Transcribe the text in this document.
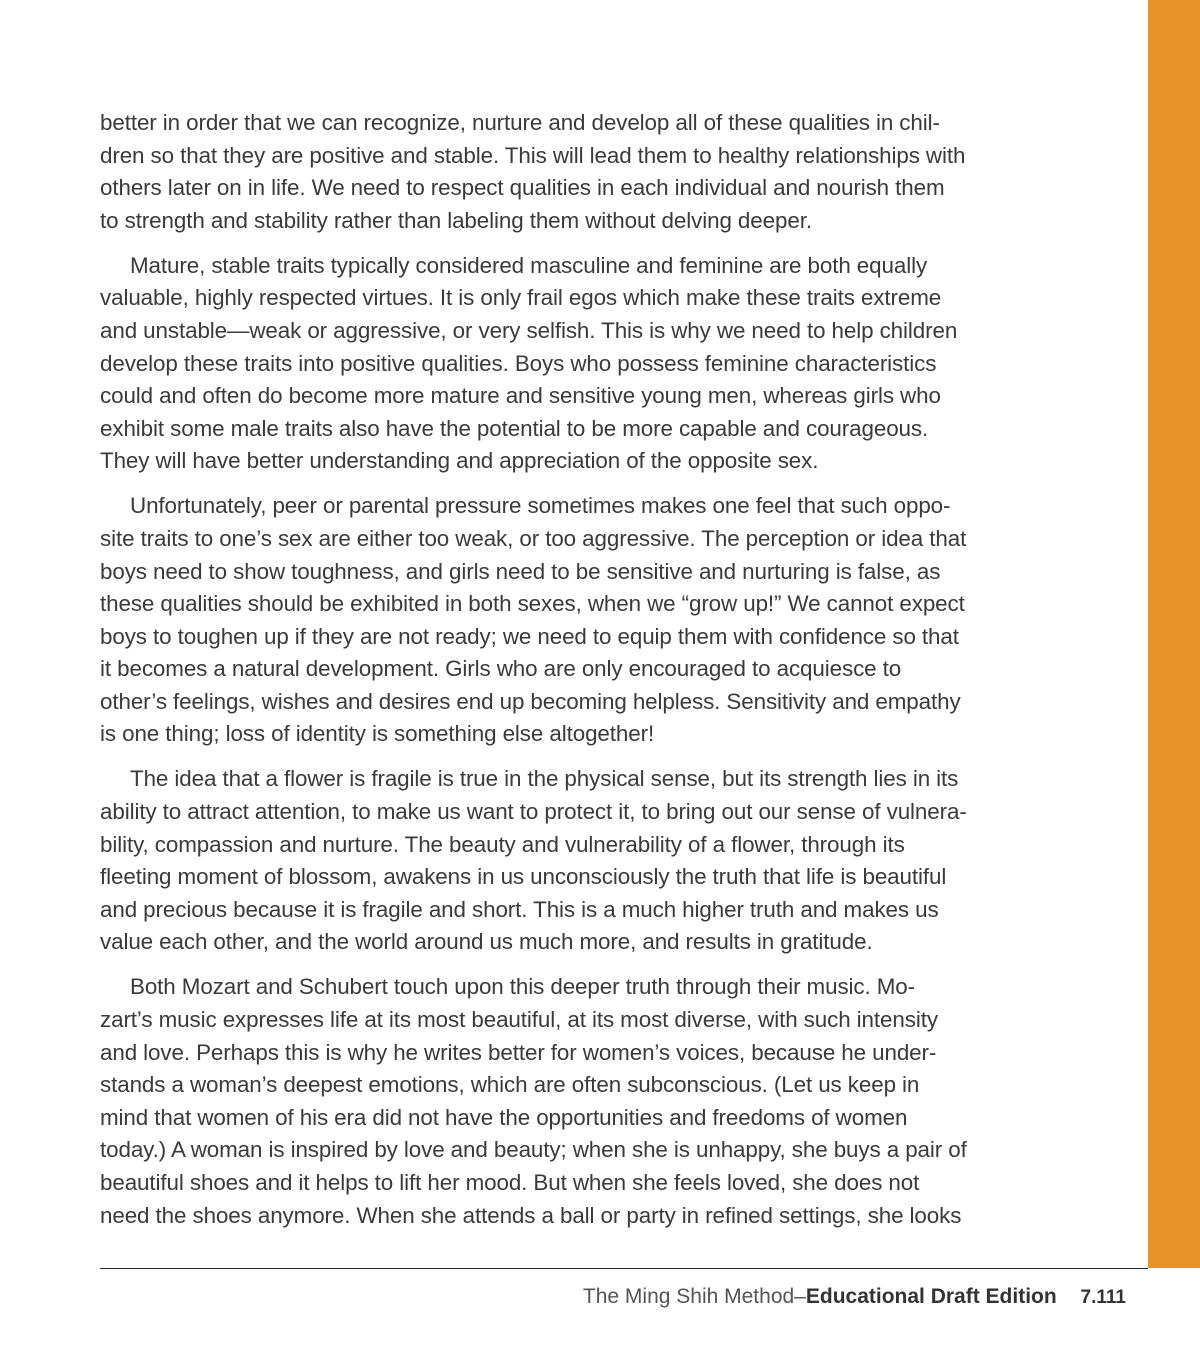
better in order that we can recognize, nurture and develop all of these qualities in chil-
dren so that they are positive and stable. This will lead them to healthy relationships with
others later on in life. We need to respect qualities in each individual and nourish them
to strength and stability rather than labeling them without delving deeper.

Mature, stable traits typically considered masculine and feminine are both equally
valuable, highly respected virtues. It is only frail egos which make these traits extreme
and unstable—weak or aggressive, or very selfish. This is why we need to help children
develop these traits into positive qualities. Boys who possess feminine characteristics
could and often do become more mature and sensitive young men, whereas girls who
exhibit some male traits also have the potential to be more capable and courageous.
They will have better understanding and appreciation of the opposite sex.

Unfortunately, peer or parental pressure sometimes makes one feel that such oppo-
site traits to one’s sex are either too weak, or too aggressive. The perception or idea that
boys need to show toughness, and girls need to be sensitive and nurturing is false, as
these qualities should be exhibited in both sexes, when we “grow up!” We cannot expect
boys to toughen up if they are not ready; we need to equip them with confidence so that
it becomes a natural development. Girls who are only encouraged to acquiesce to
other’s feelings, wishes and desires end up becoming helpless. Sensitivity and empathy
is one thing; loss of identity is something else altogether!

The idea that a flower is fragile is true in the physical sense, but its strength lies in its
ability to attract attention, to make us want to protect it, to bring out our sense of vulnera-
bility, compassion and nurture. The beauty and vulnerability of a flower, through its
fleeting moment of blossom, awakens in us unconsciously the truth that life is beautiful
and precious because it is fragile and short. This is a much higher truth and makes us
value each other, and the world around us much more, and results in gratitude.

Both Mozart and Schubert touch upon this deeper truth through their music. Mo-
zart’s music expresses life at its most beautiful, at its most diverse, with such intensity
and love. Perhaps this is why he writes better for women’s voices, because he under-
stands a woman’s deepest emotions, which are often subconscious. (Let us keep in
mind that women of his era did not have the opportunities and freedoms of women
today.) A woman is inspired by love and beauty; when she is unhappy, she buys a pair of
beautiful shoes and it helps to lift her mood. But when she feels loved, she does not
need the shoes anymore. When she attends a ball or party in refined settings, she looks

The Ming Shih Method–Educational Draft Edition 7.111
